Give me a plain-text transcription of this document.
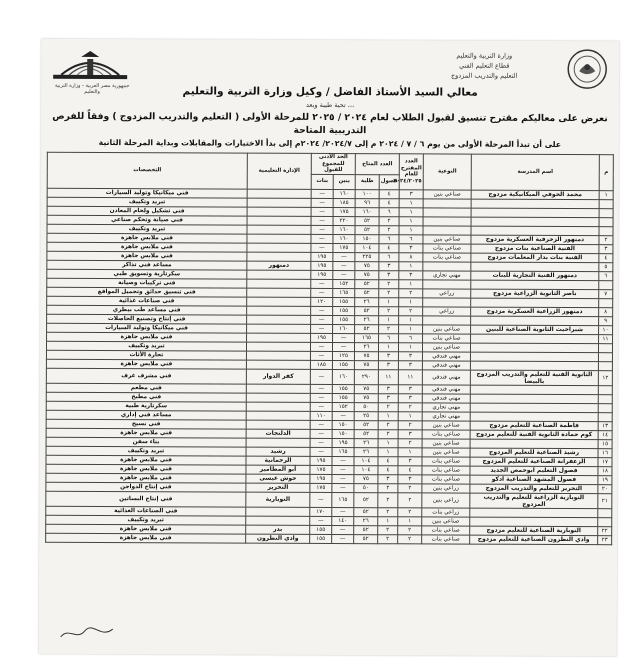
جمهورية مصر العربية - وزارة التربية والتعليم
وزارة التربية والتعليم
قطاع التعليم الفني
التعليم والتدريب المزدوج
معالي السيد الأستاذ الفاضل / وكيل وزارة التربية والتعليم
تحية طيبة وبعد ،،،
نعرض على معاليكم مقترح تنسيق لقبول الطلاب لعام ٢٠٢٤ / ٢٠٢٥ للمرحلة الأولى ( التعليم والتدريب المزدوج ) وفقاً للفرص
التدريبية المتاحة
على أن تبدأ المرحلة الأولى من يوم ٦ / ٧ / ٢٠٢٤ م إلى ٢٠٢٤/٧/ ٢٠٢٤م إلى بدأ الاختبارات والمقابلات وبداية المرحلة الثانية
م	اسم المدرسة	النوعية	العدد المقترح للعام ٢٠٢٤/٢٠٢٥	العدد المتاح		الحد الأدنى للمجموع للقبول		الإدارة التعليمية	التخصصات
				فصول	طلبة	بنين	بنات		
١	محمد الحوفي الميكانيكية مزدوج	صناعي بنين	٣	٤	١٠٠	١٦٠	—		فني ميكانيكا وتوليد السيارات
			١	٤	٩٦	١٨٥	—		تبريد وتكييف
			١	٦	١٦٠	١٧٥	—		فني تشكيل ولحام المعادن
			١	٢	٥٢	٢٢٠	—		فني صيانة وتحكم صناعي
			١	٢	٥٢	١٦٠	—		تبريد وتكييف
٢	دمنهور الزخرفية العسكرية مزدوج	صناعي بنين	٦	٦	١٥٠	١٦٠	—		فني ملابس جاهزة
٣	الفنية الصناعية بنات مزدوج	صناعي بنات	٣	٤	١٠٤	١٧٥	—		فني ملابس جاهزة
٤	الفنية بنات بدار المعلمات مزدوج	صناعي بنات	٨	٦	٢٢٥	—	١٩٥		فني ملابس جاهزة
٥			١	٣	٧٥	—	١٩٥	دمنهور	مساعد فني تذاكر
٦	دمنهور الفنية التجارية للبنات	مهني تجاري	٣	٣	٧٥	—	١٩٥		سكرتارية وتسويق طبي
			١	٢	٥٢	١٥٢	—		فني تركيبات وصيانة
٧	ناصر الثانوية الزراعية مزدوج	زراعي	٢	٢	٥٢	١٦٥	—		فني تنسيق حدائق وتجميل المواقع
			١	١	٢٦	١٥٥	١٢٠		فني صناعات غذائية
٨	دمنهور الزراعية العسكرية مزدوج	زراعي	٢	٢	٥٢	١٥٥	—		فني مساعد طب بيطري
٩			١	١	٢٦	١٥٥	—		فني إنتاج وتصنيع الحاصلات
١٠	شبراخيت الثانوية الصناعية للبنين	صناعي بنين	١	٢	٥٢	١٦٠	—		فني ميكانيكا وتوليد السيارات
١١		صناعي بنات	٦	٦	١٦٥	—	١٩٥		فني ملابس جاهزة
		صناعي بنين	١	١	٢٦	—	—		تبريد وتكييف
		مهني فندقي	٣	٣	٧٥	١٢٥	—		تجارة الأثاث
		مهني فندقي	٣	٣	٧٥	١٥٥	١٨٥		فني ملابس جاهزة
١٢	الثانوية الفنية للتعليم والتدريب المزدوج بالبيضا	مهني فندقي	١١	١١	٢٩٠	١٦٠	—	كفر الدوار	فني مشرف غرف
		مهني فندقي	٣	٣	٧٥	١٥٥	—		فني مطعم
		مهني فندقي	٣	٣	٧٥	١٥٥	—		فني مطبخ
		مهني تجاري	٢	٢	٥٠	١٥٢	—		سكرتارية طبية
		مهني تجاري	١	١	٢٥	—	١١٠		مساعد فني إداري
١٣	فاطمة الصناعية للتعليم مزدوج	صناعي بنين	٢	٢	٥٢	١٥٠	—		فني نسيج
١٤	كوم حمادة الثانوية الفنية للتعليم مزدوج	صناعي بنات	٣	٢	٥٢	١٥٠	—	الدلنجات	فني ملابس جاهزة
١٥		صناعي بنين	٢	١	٢٦	١٩٥	—		بناء سفن
١٦	رشيد الصناعية للتعليم المزدوج	صناعي بنين	١	١	٢٦	١٦٥	—	رشيد	تبريد وتكييف
١٧	الزعفرانة الصناعية للتعليم المزدوج	صناعي بنات	٣	٤	١٠٤	—	١٩٥	الرحمانية	فني ملابس جاهزة
١٨	فصول التعليم ابوحمص الجديد	صناعي بنات	٤	٤	١٠٤	—	١٧٥	أبو المطامير	فني ملابس جاهزة
١٩	فصول المشهد الصناعية ادكو	صناعي بنات	٣	٣	٧٥	—	١٩٥	حوش عيسى	فني ملابس جاهزة
٢٠	التحرير للتعليم والتدريب المزدوج	زراعي بنين	٢	٢	٥٠	—	١٧٥	التحرير	فني إنتاج الدواجن
٢١	النوبارية الزراعية للتعليم والتدريب المزدوج	زراعي بنين	٢	٢	٥٢	١٦٥	—	النوبارية	فني إنتاج البساتين
		زراعي بنات	٢	٢	٥٢	—	١٧٠		فني الصناعات الغذائية
		صناعي بنين	١	١	٢٦	١٤٠	—		تبريد وتكييف
٢٢	النوبارية الصناعية للتعليم مزدوج	صناعي بنات	٢	٢	٥٢	—	١٥٥	بدر	فني ملابس جاهزة
٢٣	وادي النطرون الصناعية للتعليم مزدوج	صناعي بنات	٢	٢	٥٢	—	١٥٥	وادي النطرون	فني ملابس جاهزة
